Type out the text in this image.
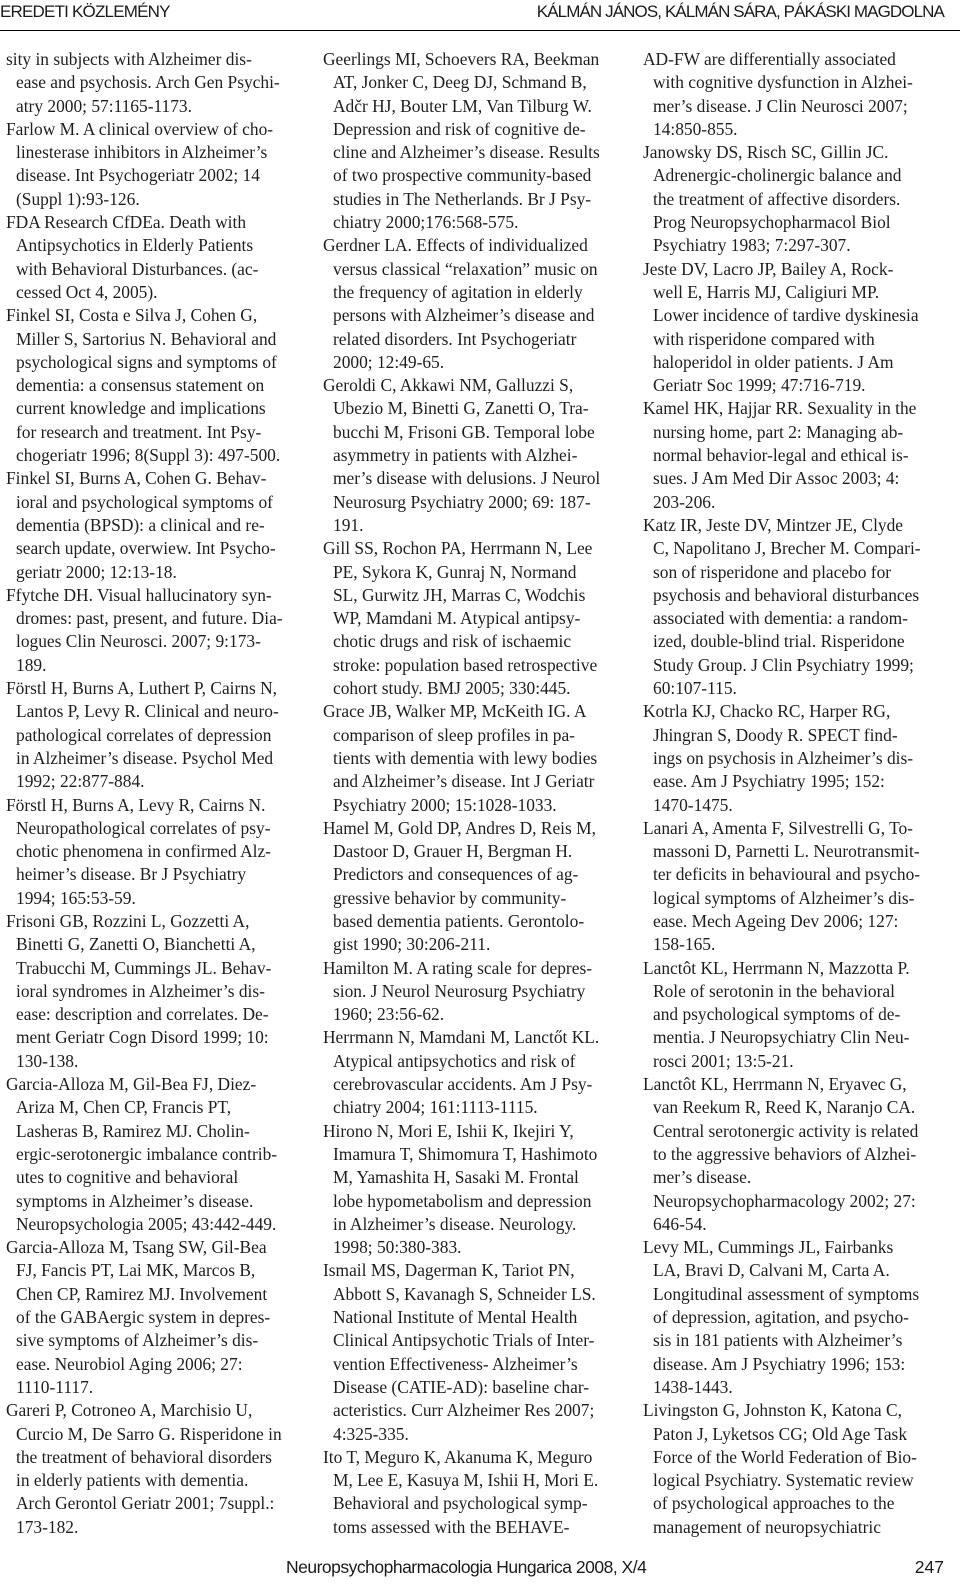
EREDETI KÖZLEMÉNY	KÁLMÁN JÁNOS, KÁLMÁN SÁRA, PÁKÁSKI MAGDOLNA
sity in subjects with Alzheimer dis-
ease and psychosis. Arch Gen Psychi-
atry 2000; 57:1165-1173.
Farlow M. A clinical overview of cho-
linesterase inhibitors in Alzheimer’s
disease. Int Psychogeriatr 2002; 14
(Suppl 1):93-126.
FDA Research CfDEa. Death with
Antipsychotics in Elderly Patients
with Behavioral Disturbances. (ac-
cessed Oct 4, 2005).
Finkel SI, Costa e Silva J, Cohen G,
Miller S, Sartorius N. Behavioral and
psychological signs and symptoms of
dementia: a consensus statement on
current knowledge and implications
for research and treatment. Int Psy-
chogeriatr 1996; 8(Suppl 3): 497-500.
Finkel SI, Burns A, Cohen G. Behav-
ioral and psychological symptoms of
dementia (BPSD): a clinical and re-
search update, overwiew. Int Psycho-
geriatr 2000; 12:13-18.
Ffytche DH. Visual hallucinatory syn-
dromes: past, present, and future. Dia-
logues Clin Neurosci. 2007; 9:173-
189.
Förstl H, Burns A, Luthert P, Cairns N,
Lantos P, Levy R. Clinical and neuro-
pathological correlates of depression
in Alzheimer’s disease. Psychol Med
1992; 22:877-884.
Förstl H, Burns A, Levy R, Cairns N.
Neuropathological correlates of psy-
chotic phenomena in confirmed Alz-
heimer’s disease. Br J Psychiatry
1994; 165:53-59.
Frisoni GB, Rozzini L, Gozzetti A,
Binetti G, Zanetti O, Bianchetti A,
Trabucchi M, Cummings JL. Behav-
ioral syndromes in Alzheimer’s dis-
ease: description and correlates. De-
ment Geriatr Cogn Disord 1999; 10:
130-138.
Garcia-Alloza M, Gil-Bea FJ, Diez-
Ariza M, Chen CP, Francis PT,
Lasheras B, Ramirez MJ. Cholin-
ergic-serotonergic imbalance contrib-
utes to cognitive and behavioral
symptoms in Alzheimer’s disease.
Neuropsychologia 2005; 43:442-449.
Garcia-Alloza M, Tsang SW, Gil-Bea
FJ, Fancis PT, Lai MK, Marcos B,
Chen CP, Ramirez MJ. Involvement
of the GABAergic system in depres-
sive symptoms of Alzheimer’s dis-
ease. Neurobiol Aging 2006; 27:
1110-1117.
Gareri P, Cotroneo A, Marchisio U,
Curcio M, De Sarro G. Risperidone in
the treatment of behavioral disorders
in elderly patients with dementia.
Arch Gerontol Geriatr 2001; 7suppl.:
173-182.
Geerlings MI, Schoevers RA, Beekman
AT, Jonker C, Deeg DJ, Schmand B,
Adčr HJ, Bouter LM, Van Tilburg W.
Depression and risk of cognitive de-
cline and Alzheimer’s disease. Results
of two prospective community-based
studies in The Netherlands. Br J Psy-
chiatry 2000;176:568-575.
Gerdner LA. Effects of individualized
versus classical “relaxation” music on
the frequency of agitation in elderly
persons with Alzheimer’s disease and
related disorders. Int Psychogeriatr
2000; 12:49-65.
Geroldi C, Akkawi NM, Galluzzi S,
Ubezio M, Binetti G, Zanetti O, Tra-
bucchi M, Frisoni GB. Temporal lobe
asymmetry in patients with Alzhei-
mer’s disease with delusions. J Neurol
Neurosurg Psychiatry 2000; 69: 187-
191.
Gill SS, Rochon PA, Herrmann N, Lee
PE, Sykora K, Gunraj N, Normand
SL, Gurwitz JH, Marras C, Wodchis
WP, Mamdani M. Atypical antipsy-
chotic drugs and risk of ischaemic
stroke: population based retrospective
cohort study. BMJ 2005; 330:445.
Grace JB, Walker MP, McKeith IG. A
comparison of sleep profiles in pa-
tients with dementia with lewy bodies
and Alzheimer’s disease. Int J Geriatr
Psychiatry 2000; 15:1028-1033.
Hamel M, Gold DP, Andres D, Reis M,
Dastoor D, Grauer H, Bergman H.
Predictors and consequences of ag-
gressive behavior by community-
based dementia patients. Gerontolo-
gist 1990; 30:206-211.
Hamilton M. A rating scale for depres-
sion. J Neurol Neurosurg Psychiatry
1960; 23:56-62.
Herrmann N, Mamdani M, Lanctőt KL.
Atypical antipsychotics and risk of
cerebrovascular accidents. Am J Psy-
chiatry 2004; 161:1113-1115.
Hirono N, Mori E, Ishii K, Ikejiri Y,
Imamura T, Shimomura T, Hashimoto
M, Yamashita H, Sasaki M. Frontal
lobe hypometabolism and depression
in Alzheimer’s disease. Neurology.
1998; 50:380-383.
Ismail MS, Dagerman K, Tariot PN,
Abbott S, Kavanagh S, Schneider LS.
National Institute of Mental Health
Clinical Antipsychotic Trials of Inter-
vention Effectiveness- Alzheimer’s
Disease (CATIE-AD): baseline char-
acteristics. Curr Alzheimer Res 2007;
4:325-335.
Ito T, Meguro K, Akanuma K, Meguro
M, Lee E, Kasuya M, Ishii H, Mori E.
Behavioral and psychological symp-
toms assessed with the BEHAVE-
AD-FW are differentially associated
with cognitive dysfunction in Alzhei-
mer’s disease. J Clin Neurosci 2007;
14:850-855.
Janowsky DS, Risch SC, Gillin JC.
Adrenergic-cholinergic balance and
the treatment of affective disorders.
Prog Neuropsychopharmacol Biol
Psychiatry 1983; 7:297-307.
Jeste DV, Lacro JP, Bailey A, Rock-
well E, Harris MJ, Caligiuri MP.
Lower incidence of tardive dyskinesia
with risperidone compared with
haloperidol in older patients. J Am
Geriatr Soc 1999; 47:716-719.
Kamel HK, Hajjar RR. Sexuality in the
nursing home, part 2: Managing ab-
normal behavior-legal and ethical is-
sues. J Am Med Dir Assoc 2003; 4:
203-206.
Katz IR, Jeste DV, Mintzer JE, Clyde
C, Napolitano J, Brecher M. Compari-
son of risperidone and placebo for
psychosis and behavioral disturbances
associated with dementia: a random-
ized, double-blind trial. Risperidone
Study Group. J Clin Psychiatry 1999;
60:107-115.
Kotrla KJ, Chacko RC, Harper RG,
Jhingran S, Doody R. SPECT find-
ings on psychosis in Alzheimer’s dis-
ease. Am J Psychiatry 1995; 152:
1470-1475.
Lanari A, Amenta F, Silvestrelli G, To-
massoni D, Parnetti L. Neurotransmit-
ter deficits in behavioural and psycho-
logical symptoms of Alzheimer’s dis-
ease. Mech Ageing Dev 2006; 127:
158-165.
Lanctôt KL, Herrmann N, Mazzotta P.
Role of serotonin in the behavioral
and psychological symptoms of de-
mentia. J Neuropsychiatry Clin Neu-
rosci 2001; 13:5-21.
Lanctôt KL, Herrmann N, Eryavec G,
van Reekum R, Reed K, Naranjo CA.
Central serotonergic activity is related
to the aggressive behaviors of Alzhei-
mer’s disease.
Neuropsychopharmacology 2002; 27:
646-54.
Levy ML, Cummings JL, Fairbanks
LA, Bravi D, Calvani M, Carta A.
Longitudinal assessment of symptoms
of depression, agitation, and psycho-
sis in 181 patients with Alzheimer’s
disease. Am J Psychiatry 1996; 153:
1438-1443.
Livingston G, Johnston K, Katona C,
Paton J, Lyketsos CG; Old Age Task
Force of the World Federation of Bio-
logical Psychiatry. Systematic review
of psychological approaches to the
management of neuropsychiatric
Neuropsychopharmacologia Hungarica 2008, X/4	247
